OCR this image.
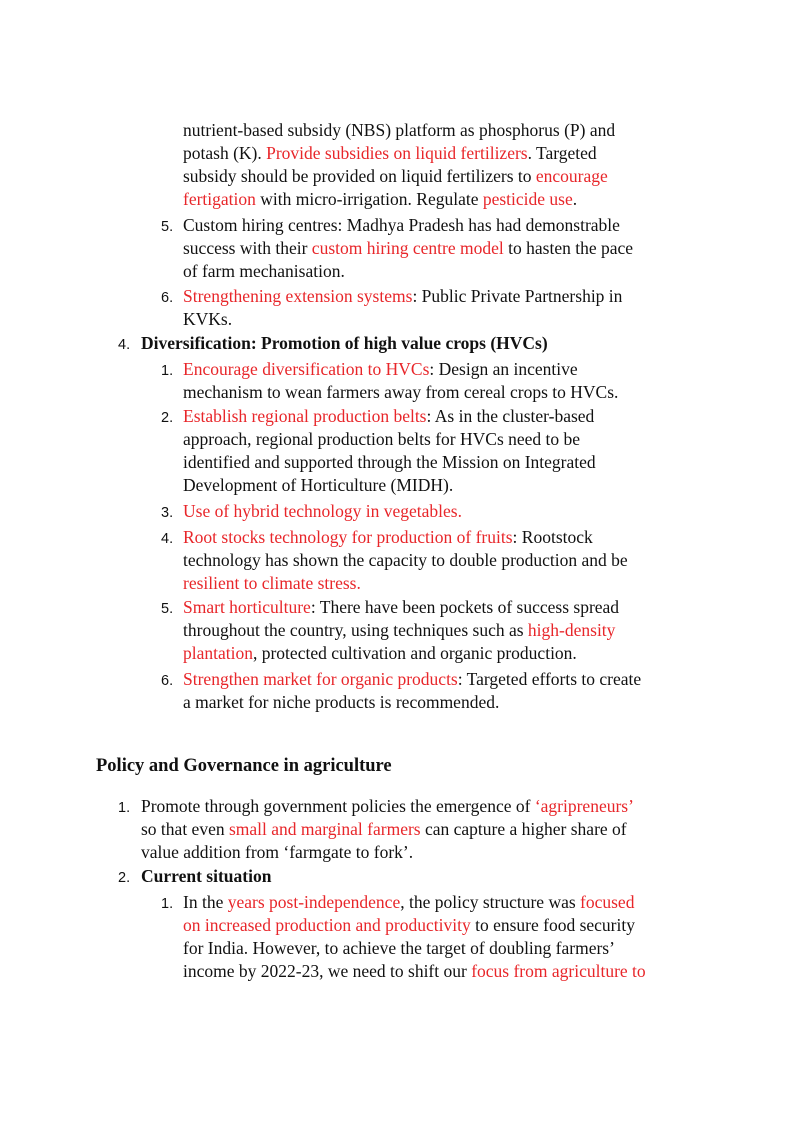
nutrient-based subsidy (NBS) platform as phosphorus (P) and
potash (K). Provide subsidies on liquid fertilizers. Targeted
subsidy should be provided on liquid fertilizers to encourage
fertigation with micro-irrigation. Regulate pesticide use.
5. Custom hiring centres: Madhya Pradesh has had demonstrable
success with their custom hiring centre model to hasten the pace
of farm mechanisation.
6. Strengthening extension systems: Public Private Partnership in
KVKs.
4. Diversification: Promotion of high value crops (HVCs)
1. Encourage diversification to HVCs: Design an incentive
mechanism to wean farmers away from cereal crops to HVCs.
2. Establish regional production belts: As in the cluster-based
approach, regional production belts for HVCs need to be
identified and supported through the Mission on Integrated
Development of Horticulture (MIDH).
3. Use of hybrid technology in vegetables.
4. Root stocks technology for production of fruits: Rootstock
technology has shown the capacity to double production and be
resilient to climate stress.
5. Smart horticulture: There have been pockets of success spread
throughout the country, using techniques such as high-density
plantation, protected cultivation and organic production.
6. Strengthen market for organic products: Targeted efforts to create
a market for niche products is recommended.
Policy and Governance in agriculture
1. Promote through government policies the emergence of ‘agripreneurs’
so that even small and marginal farmers can capture a higher share of
value addition from ‘farmgate to fork’.
2. Current situation
1. In the years post-independence, the policy structure was focused
on increased production and productivity to ensure food security
for India. However, to achieve the target of doubling farmers’
income by 2022-23, we need to shift our focus from agriculture to
